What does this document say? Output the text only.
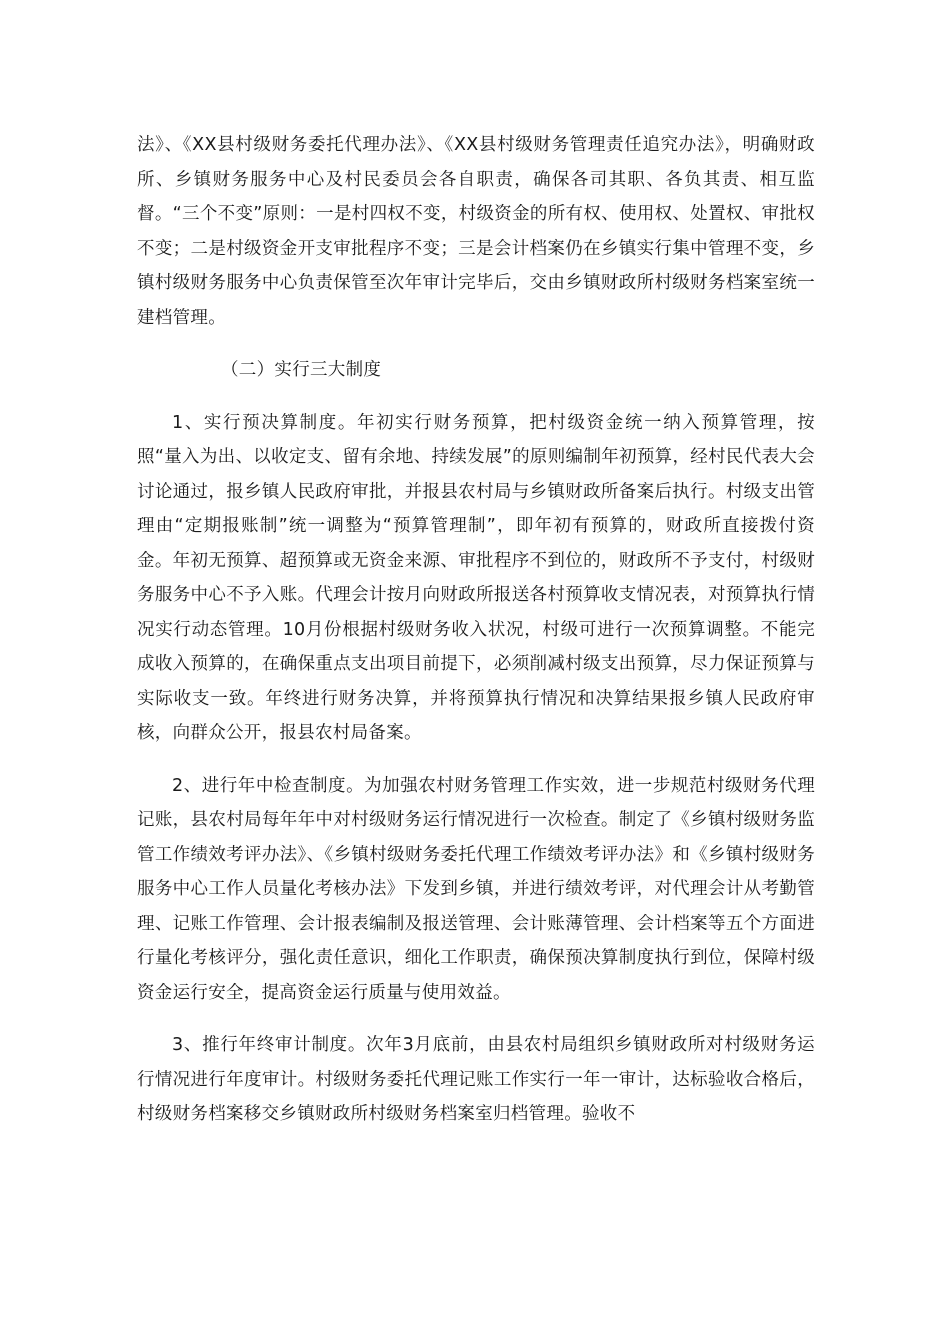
法》、《XX县村级财务委托代理办法》、《XX县村级财务管理责任追究办法》，明确财政所、乡镇财务服务中心及村民委员会各自职责，确保各司其职、各负其责、相互监督。“三个不变”原则：一是村四权不变，村级资金的所有权、使用权、处置权、审批权不变；二是村级资金开支审批程序不变；三是会计档案仍在乡镇实行集中管理不变，乡镇村级财务服务中心负责保管至次年审计完毕后，交由乡镇财政所村级财务档案室统一建档管理。

（二）实行三大制度

1、实行预决算制度。年初实行财务预算，把村级资金统一纳入预算管理，按照“量入为出、以收定支、留有余地、持续发展”的原则编制年初预算，经村民代表大会讨论通过，报乡镇人民政府审批，并报县农村局与乡镇财政所备案后执行。村级支出管理由“定期报账制”统一调整为“预算管理制”，即年初有预算的，财政所直接拨付资金。年初无预算、超预算或无资金来源、审批程序不到位的，财政所不予支付，村级财务服务中心不予入账。代理会计按月向财政所报送各村预算收支情况表，对预算执行情况实行动态管理。10月份根据村级财务收入状况，村级可进行一次预算调整。不能完成收入预算的，在确保重点支出项目前提下，必须削减村级支出预算，尽力保证预算与实际收支一致。年终进行财务决算，并将预算执行情况和决算结果报乡镇人民政府审核，向群众公开，报县农村局备案。

2、进行年中检查制度。为加强农村财务管理工作实效，进一步规范村级财务代理记账，县农村局每年年中对村级财务运行情况进行一次检查。制定了《乡镇村级财务监管工作绩效考评办法》、《乡镇村级财务委托代理工作绩效考评办法》和《乡镇村级财务服务中心工作人员量化考核办法》下发到乡镇，并进行绩效考评，对代理会计从考勤管理、记账工作管理、会计报表编制及报送管理、会计账薄管理、会计档案等五个方面进行量化考核评分，强化责任意识，细化工作职责，确保预决算制度执行到位，保障村级资金运行安全，提高资金运行质量与使用效益。

3、推行年终审计制度。次年3月底前，由县农村局组织乡镇财政所对村级财务运行情况进行年度审计。村级财务委托代理记账工作实行一年一审计，达标验收合格后，村级财务档案移交乡镇财政所村级财务档案室归档管理。验收不
